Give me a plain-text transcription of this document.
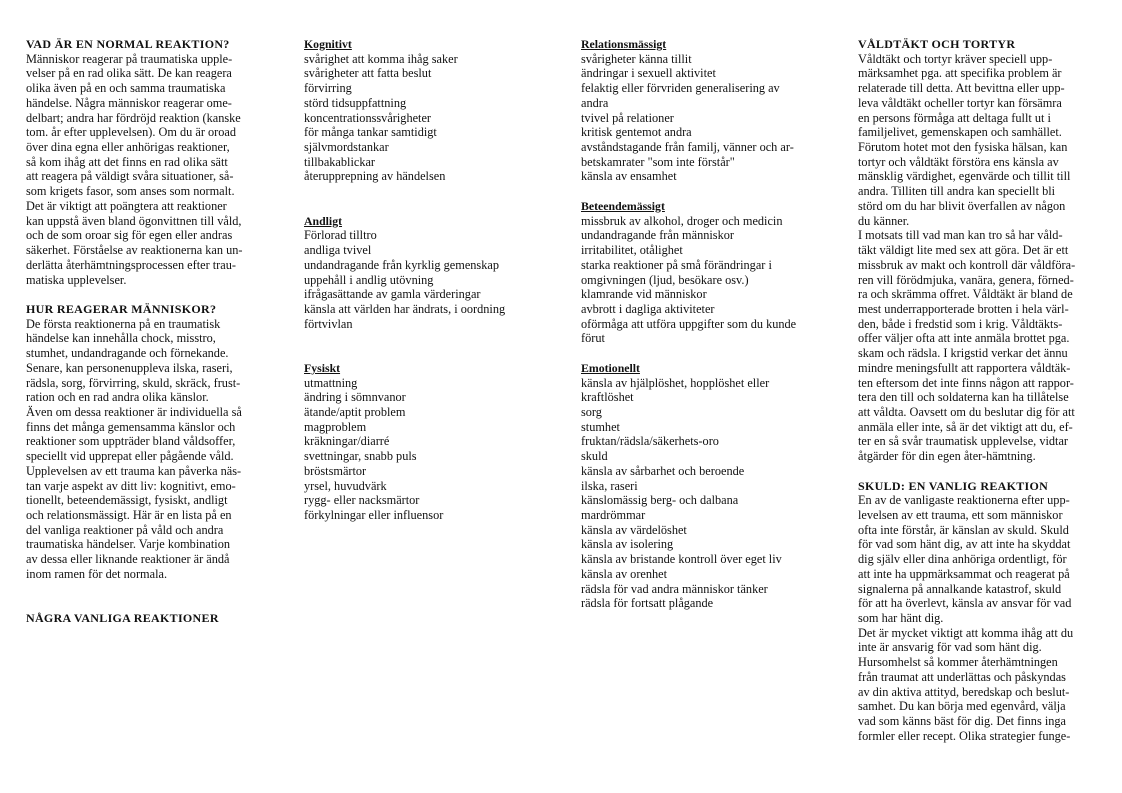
VAD ÄR EN NORMAL REAKTION?
Människor reagerar på traumatiska upple-
velser på en rad olika sätt. De kan reagera
olika även på en och samma traumatiska
händelse. Några människor reagerar ome-
delbart; andra har fördröjd reaktion (kanske
tom. år efter upplevelsen). Om du är oroad
över dina egna eller anhörigas reaktioner,
så kom ihåg att det finns en rad olika sätt
att reagera på väldigt svåra situationer, så-
som krigets fasor, som anses som normalt.
Det är viktigt att poängtera att reaktioner
kan uppstå även bland ögonvittnen till våld,
och de som oroar sig för egen eller andras
säkerhet. Förståelse av reaktionerna kan un-
derlätta återhämtningsprocessen efter trau-
matiska upplevelser.
HUR REAGERAR MÄNNISKOR?
De första reaktionerna på en traumatisk
händelse kan innehålla chock, misstro,
stumhet, undandragande och förnekande.
Senare, kan personenuppleva ilska, raseri,
rädsla, sorg, förvirring, skuld, skräck, frust-
ration och en rad andra olika känslor.
Även om dessa reaktioner är individuella så
finns det många gemensamma känslor och
reaktioner som uppträder bland våldsoffer,
speciellt vid upprepat eller pågående våld.
Upplevelsen av ett trauma kan påverka näs-
tan varje aspekt av ditt liv: kognitivt, emo-
tionellt, beteendemässigt, fysiskt, andligt
och relationsmässigt. Här är en lista på en
del vanliga reaktioner på våld och andra
traumatiska händelser. Varje kombination
av dessa eller liknande reaktioner är ändå
inom ramen för det normala.
NÅGRA VANLIGA REAKTIONER
Kognitivt
svårighet att komma ihåg saker
svårigheter att fatta beslut
förvirring
störd tidsuppfattning
koncentrationssvårigheter
för många tankar samtidigt
självmordstankar
tillbakablickar
återupprepning av händelsen
Andligt
Förlorad tilltro
andliga tvivel
undandragande från kyrklig gemenskap
uppehåll i andlig utövning
ifrågasättande av gamla värderingar
känsla att världen har ändrats, i oordning
förtvivlan
Fysiskt
utmattning
ändring i sömnvanor
ätande/aptit problem
magproblem
kräkningar/diarré
svettningar, snabb puls
bröstsmärtor
yrsel, huvudvärk
rygg- eller nacksmärtor
förkylningar eller influensor
Relationsmässigt
svårigheter känna tillit
ändringar i sexuell aktivitet
felaktig eller förvriden generalisering av
andra
tvivel på relationer
kritisk gentemot andra
avståndstagande från familj, vänner och ar-
betskamrater "som inte förstår"
känsla av ensamhet
Beteendemässigt
missbruk av alkohol, droger och medicin
undandragande från människor
irritabilitet, otålighet
starka reaktioner på små förändringar i
omgivningen (ljud, besökare osv.)
klamrande vid människor
avbrott i dagliga aktiviteter
oförmåga att utföra uppgifter som du kunde
förut
Emotionellt
känsla av hjälplöshet, hopplöshet eller
kraftlöshet
sorg
stumhet
fruktan/rädsla/säkerhets-oro
skuld
känsla av sårbarhet och beroende
ilska, raseri
känslomässig berg- och dalbana
mardrömmar
känsla av värdelöshet
känsla av isolering
känsla av bristande kontroll över eget liv
känsla av orenhet
rädsla för vad andra människor tänker
rädsla för fortsatt plågande
VÅLDTÄKT OCH TORTYR
Våldtäkt och tortyr kräver speciell upp-
märksamhet pga. att specifika problem är
relaterade till detta. Att bevittna eller upp-
leva våldtäkt ocheller tortyr kan försämra
en persons förmåga att deltaga fullt ut i
familjelivet, gemenskapen och samhället.
Förutom hotet mot den fysiska hälsan, kan
tortyr och våldtäkt förstöra ens känsla av
mänsklig värdighet, egenvärde och tillit till
andra. Tilliten till andra kan speciellt bli
störd om du har blivit överfallen av någon
du känner.
I motsats till vad man kan tro så har våld-
täkt väldigt lite med sex att göra. Det är ett
missbruk av makt och kontroll där våldföra-
ren vill förödmjuka, vanära, genera, förned-
ra och skrämma offret. Våldtäkt är bland de
mest underrapporterade brotten i hela värl-
den, både i fredstid som i krig. Våldtäkts-
offer väljer ofta att inte anmäla brottet pga.
skam och rädsla. I krigstid verkar det ännu
mindre meningsfullt att rapportera våldtäk-
ten eftersom det inte finns någon att rappor-
tera den till och soldaterna kan ha tillåtelse
att våldta. Oavsett om du beslutar dig för att
anmäla eller inte, så är det viktigt att du, ef-
ter en så svår traumatisk upplevelse, vidtar
åtgärder för din egen åter-hämtning.
SKULD: EN VANLIG REAKTION
En av de vanligaste reaktionerna efter upp-
levelsen av ett trauma, ett som människor
ofta inte förstår, är känslan av skuld. Skuld
för vad som hänt dig, av att inte ha skyddat
dig själv eller dina anhöriga ordentligt, för
att inte ha uppmärksammat och reagerat på
signalerna på annalkande katastrof, skuld
för att ha överlevt, känsla av ansvar för vad
som har hänt dig.
Det är mycket viktigt att komma ihåg att du
inte är ansvarig för vad som hänt dig.
Hursomhelst så kommer återhämtningen
från traumat att underlättas och påskyndas
av din aktiva attityd, beredskap och beslut-
samhet. Du kan börja med egenvård, välja
vad som känns bäst för dig. Det finns inga
formler eller recept. Olika strategier funge-
